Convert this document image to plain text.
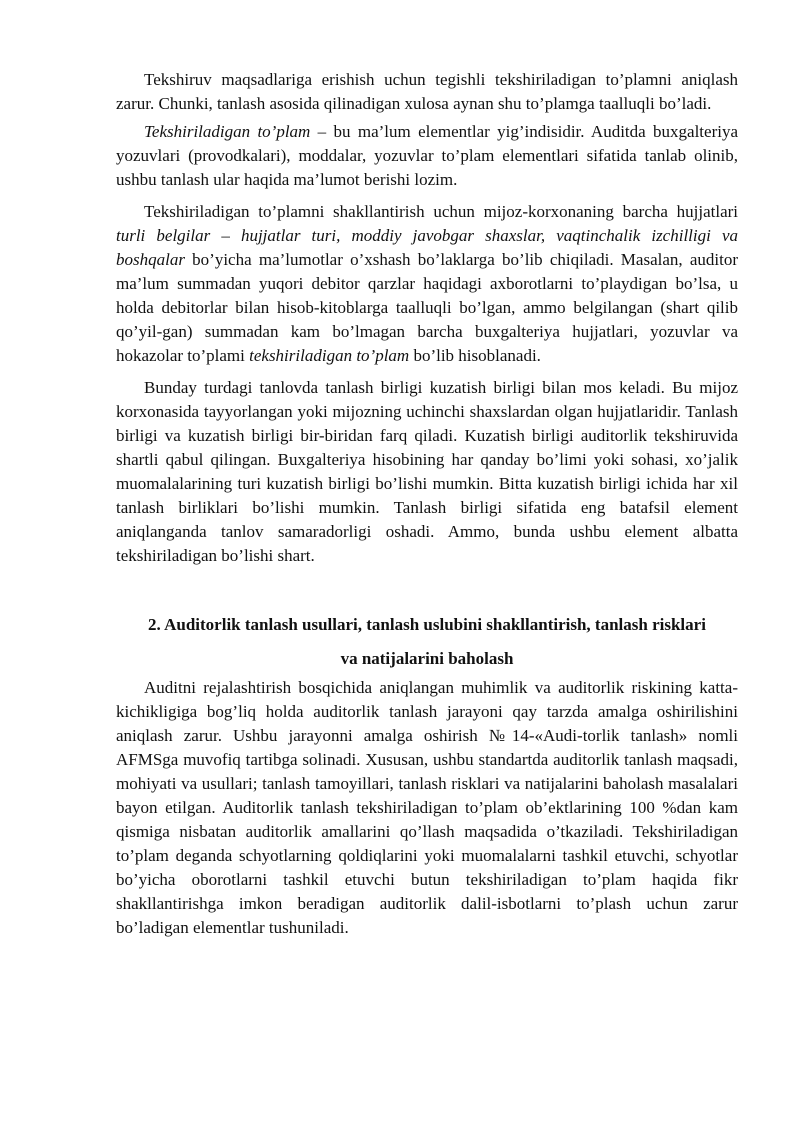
Tekshiruv maqsadlariga erishish uchun tegishli tekshiriladigan to’plamni aniqlash zarur. Chunki, tanlash asosida qilinadigan xulosa aynan shu to’plamga taalluqli bo’ladi.

Tekshiriladigan to’plam – bu ma’lum elementlar yig’indisidir. Auditda buxgalteriya yozuvlari (provodkalari), moddalar, yozuvlar to’plam elementlari sifatida tanlab olinib, ushbu tanlash ular haqida ma’lumot berishi lozim.

Tekshiriladigan to’plamni shakllantirish uchun mijoz-korxonaning barcha hujjatlari turli belgilar – hujjatlar turi, moddiy javobgar shaxslar, vaqtinchalik izchilligi va boshqalar bo’yicha ma’lumotlar o’xshash bo’laklarga bo’lib chiqiladi. Masalan, auditor ma’lum summadan yuqori debitor qarzlar haqidagi axborotlarni to’playdigan bo’lsa, u holda debitorlar bilan hisob-kitoblarga taalluqli bo’lgan, ammo belgilangan (shart qilib qo’yil-gan) summadan kam bo’lmagan barcha buxgalteriya hujjatlari, yozuvlar va hokazolar to’plami tekshiriladigan to’plam bo’lib hisoblanadi.

Bunday turdagi tanlovda tanlash birligi kuzatish birligi bilan mos keladi. Bu mijoz korxonasida tayyorlangan yoki mijozning uchinchi shaxslardan olgan hujjatlaridir. Tanlash birligi va kuzatish birligi bir-biridan farq qiladi. Kuzatish birligi auditorlik tekshiruvida shartli qabul qilingan. Buxgalteriya hisobining har qanday bo’limi yoki sohasi, xo’jalik muomalalarining turi kuzatish birligi bo’lishi mumkin. Bitta kuzatish birligi ichida har xil tanlash birliklari bo’lishi mumkin. Tanlash birligi sifatida eng batafsil element aniqlanganda tanlov samaradorligi oshadi. Ammo, bunda ushbu element albatta tekshiriladigan bo’lishi shart.

2. Auditorlik tanlash usullari, tanlash uslubini shakllantirish, tanlash risklari
va natijalarini baholash

Auditni rejalashtirish bosqichida aniqlangan muhimlik va auditorlik riskining katta-kichikligiga bog’liq holda auditorlik tanlash jarayoni qay tarzda amalga oshirilishini aniqlash zarur. Ushbu jarayonni amalga oshirish №14-«Audi-torlik tanlash» nomli AFMSga muvofiq tartibga solinadi. Xususan, ushbu standartda auditorlik tanlash maqsadi, mohiyati va usullari; tanlash tamoyillari, tanlash risklari va natijalarini baholash masalalari bayon etilgan. Auditorlik tanlash tekshiriladigan to’plam ob’ektlarining 100 %dan kam qismiga nisbatan auditorlik amallarini qo’llash maqsadida o’tkaziladi. Tekshiriladigan to’plam deganda schyotlarning qoldiqlarini yoki muomalalarni tashkil etuvchi, schyotlar bo’yicha oborotlarni tashkil etuvchi butun tekshiriladigan to’plam haqida fikr shakllantirishga imkon beradigan auditorlik dalil-isbotlarni to’plash uchun zarur bo’ladigan elementlar tushuniladi.
